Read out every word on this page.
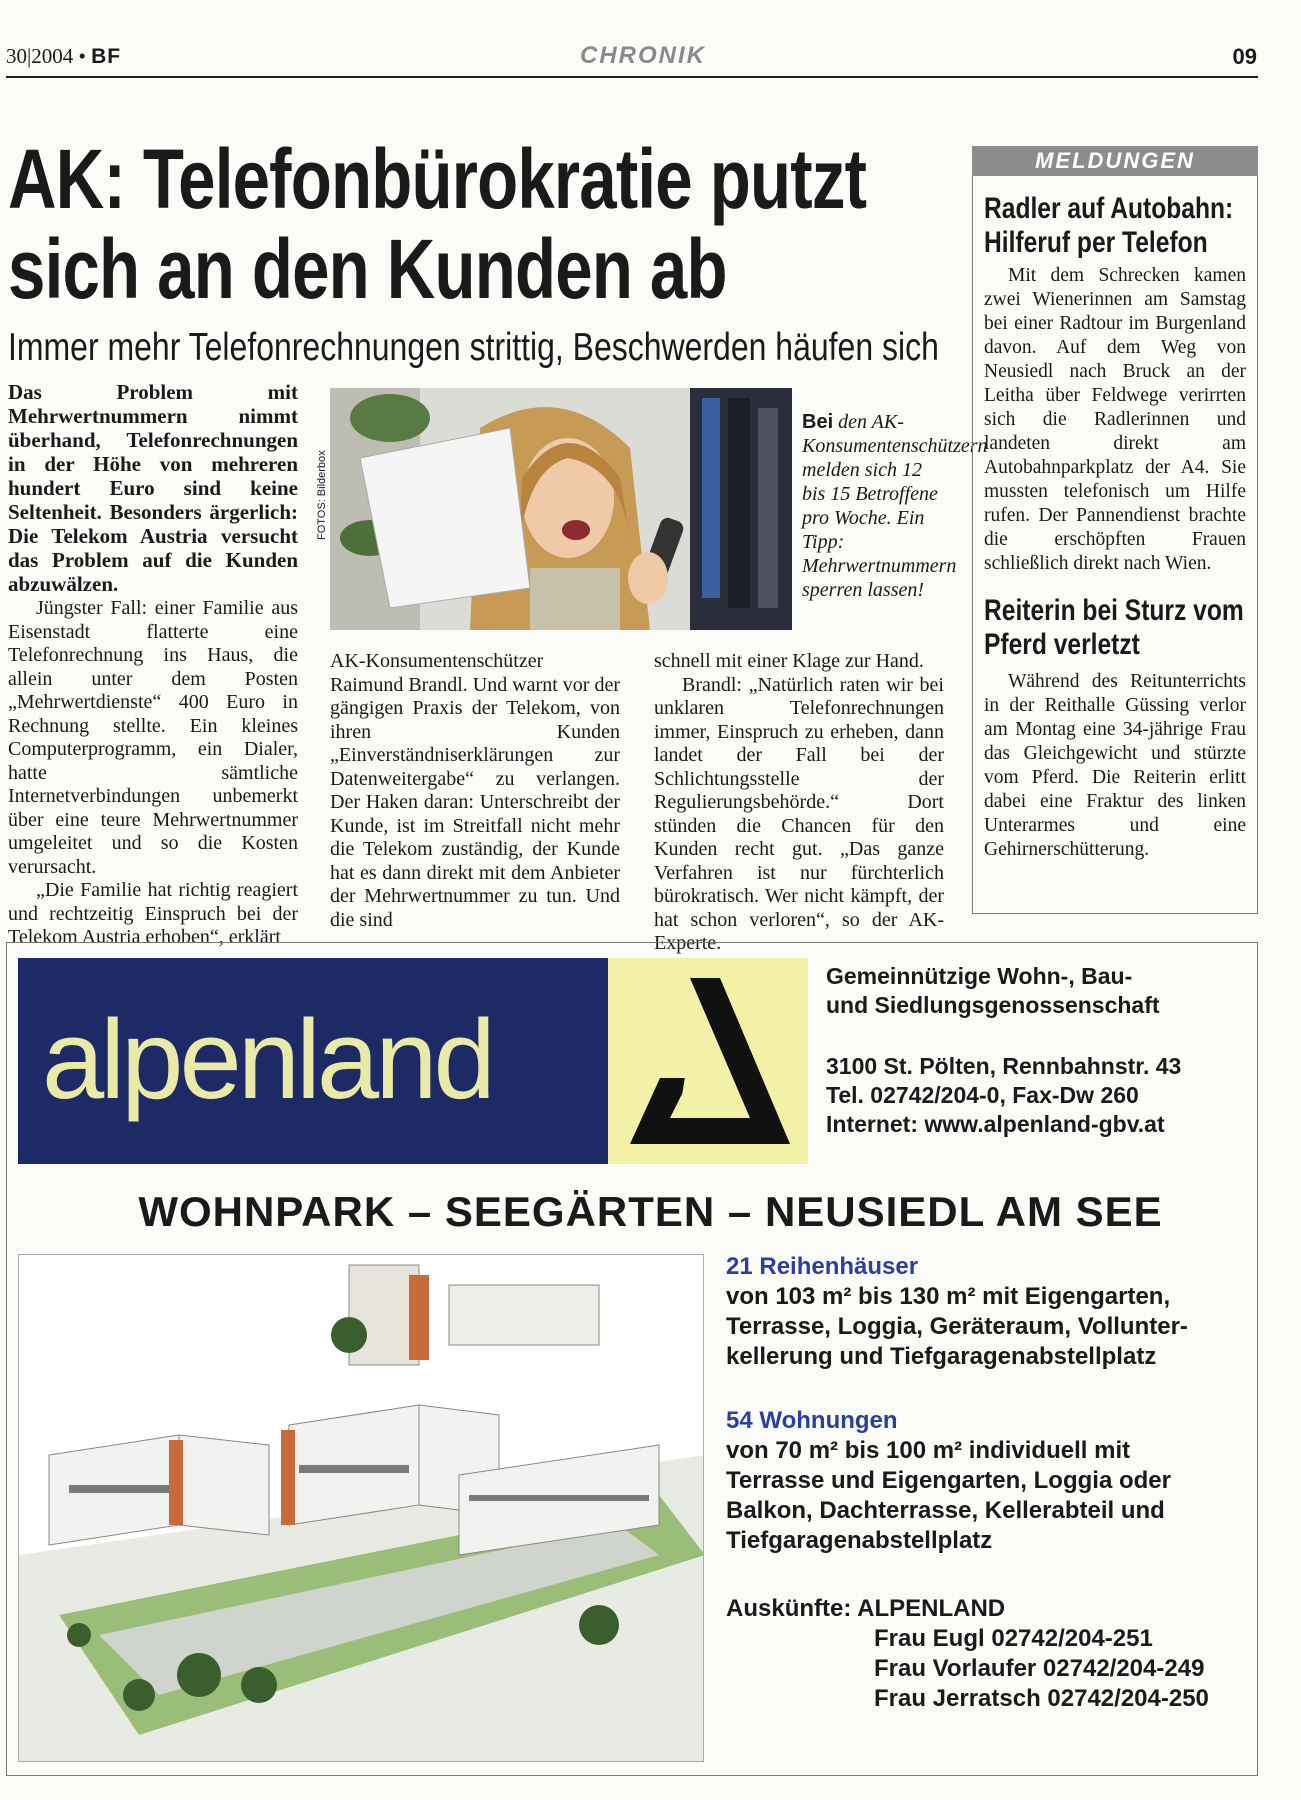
30|2004 • BF	CHRONIK	09
AK: Telefonbürokratie putzt
sich an den Kunden ab
Immer mehr Telefonrechnungen strittig, Beschwerden häufen sich
Das Problem mit Mehrwertnummern nimmt überhand, Telefonrechnungen in der Höhe von mehreren hundert Euro sind keine Seltenheit. Besonders ärgerlich: Die Telekom Austria versucht das Problem auf die Kunden abzuwälzen.
FOTOS: Bilderbox
Bei den AK-Konsumentenschützern melden sich 12 bis 15 Betroffene pro Woche. Ein Tipp: Mehrwertnummern sperren lassen!

Jüngster Fall: einer Familie aus Eisenstadt flatterte eine Telefonrechnung ins Haus, die allein unter dem Posten „Mehrwertdienste“ 400 Euro in Rechnung stellte. Ein kleines Computerprogramm, ein Dialer, hatte sämtliche Internetverbindungen unbemerkt über eine teure Mehrwertnummer umgeleitet und so die Kosten verursacht.

„Die Familie hat richtig reagiert und rechtzeitig Einspruch bei der Telekom Austria erhoben“, erklärt

AK-Konsumentenschützer Raimund Brandl. Und warnt vor der gängigen Praxis der Telekom, von ihren Kunden „Einverständniserklärungen zur Datenweitergabe“ zu verlangen. Der Haken daran: Unterschreibt der Kunde, ist im Streitfall nicht mehr die Telekom zuständig, der Kunde hat es dann direkt mit dem Anbieter der Mehrwertnummer zu tun. Und die sind

schnell mit einer Klage zur Hand.

Brandl: „Natürlich raten wir bei unklaren Telefonrechnungen immer, Einspruch zu erheben, dann landet der Fall bei der Schlichtungsstelle der Regulierungsbehörde.“ Dort stünden die Chancen für den Kunden recht gut. „Das ganze Verfahren ist nur fürchterlich bürokratisch. Wer nicht kämpft, der hat schon verloren“, so der AK-Experte.

MELDUNGEN
Radler auf Autobahn:
Hilferuf per Telefon

Mit dem Schrecken kamen zwei Wienerinnen am Samstag bei einer Radtour im Burgenland davon. Auf dem Weg von Neusiedl nach Bruck an der Leitha über Feldwege verirrten sich die Radlerinnen und landeten direkt am Autobahnparkplatz der A4. Sie mussten telefonisch um Hilfe rufen. Der Pannendienst brachte die erschöpften Frauen schließlich direkt nach Wien.

Reiterin bei Sturz vom
Pferd verletzt

Während des Reitunterrichts in der Reithalle Güssing verlor am Montag eine 34-jährige Frau das Gleichgewicht und stürzte vom Pferd. Die Reiterin erlitt dabei eine Fraktur des linken Unterarmes und eine Gehirnerschütterung.

alpenland
Gemeinnützige Wohn-, Bau-
und Siedlungsgenossenschaft
3100 St. Pölten, Rennbahnstr. 43
Tel. 02742/204-0, Fax-Dw 260
Internet: www.alpenland-gbv.at
WOHNPARK – SEEGÄRTEN – NEUSIEDL AM SEE
21 Reihenhäuser
von 103 m² bis 130 m² mit Eigengarten,
Terrasse, Loggia, Geräteraum, Vollunter-
kellerung und Tiefgaragenabstellplatz
54 Wohnungen
von 70 m² bis 100 m² individuell mit
Terrasse und Eigengarten, Loggia oder
Balkon, Dachterrasse, Kellerabteil und
Tiefgaragenabstellplatz
Auskünfte: ALPENLAND
Frau Eugl 02742/204-251
Frau Vorlaufer 02742/204-249
Frau Jerratsch 02742/204-250
